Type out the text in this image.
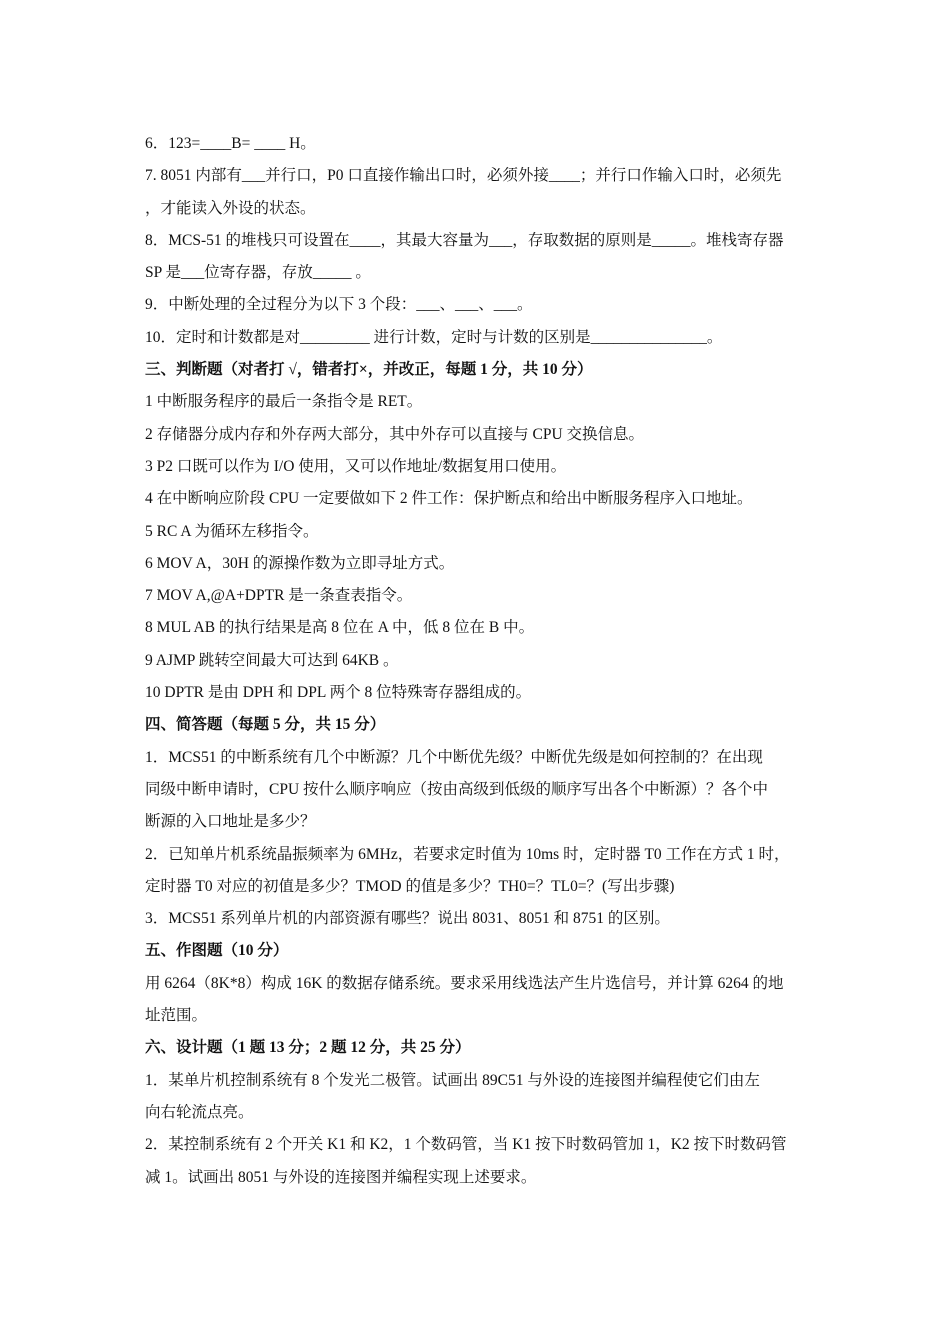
6．123=____B= ____ H。
7. 8051 内部有___并行口，P0 口直接作输出口时，必须外接____；并行口作输入口时，必须先
，才能读入外设的状态。
8．MCS-51 的堆栈只可设置在____，其最大容量为___，存取数据的原则是_____。堆栈寄存器
SP 是___位寄存器，存放_____ 。
9．中断处理的全过程分为以下 3 个段：___、___、___。
10．定时和计数都是对_________ 进行计数，定时与计数的区别是_______________。
三、判断题（对者打 √，错者打×，并改正，每题 1 分，共 10 分）
1 中断服务程序的最后一条指令是 RET。
2 存储器分成内存和外存两大部分，其中外存可以直接与 CPU 交换信息。
3 P2 口既可以作为 I/O 使用，又可以作地址/数据复用口使用。
4 在中断响应阶段 CPU 一定要做如下 2 件工作：保护断点和给出中断服务程序入口地址。
5 RC A 为循环左移指令。
6 MOV A，30H 的源操作数为立即寻址方式。
7 MOV A,@A+DPTR 是一条查表指令。
8 MUL AB 的执行结果是高 8 位在 A 中，低 8 位在 B 中。
9 AJMP 跳转空间最大可达到 64KB 。
10 DPTR 是由 DPH 和 DPL 两个 8 位特殊寄存器组成的。
四、简答题（每题 5 分，共 15 分）
1．MCS51 的中断系统有几个中断源？几个中断优先级？中断优先级是如何控制的？在出现
同级中断申请时，CPU 按什么顺序响应（按由高级到低级的顺序写出各个中断源）？各个中
断源的入口地址是多少？
2．已知单片机系统晶振频率为 6MHz，若要求定时值为 10ms 时，定时器 T0 工作在方式 1 时，
定时器 T0 对应的初值是多少？TMOD 的值是多少？TH0=？TL0=？(写出步骤)
3．MCS51 系列单片机的内部资源有哪些？说出 8031、8051 和 8751 的区别。
五、作图题（10 分）
用 6264（8K*8）构成 16K 的数据存储系统。要求采用线选法产生片选信号，并计算 6264 的地
址范围。
六、设计题（1 题 13 分；2 题 12 分，共 25 分）
1．某单片机控制系统有 8 个发光二极管。试画出 89C51 与外设的连接图并编程使它们由左
向右轮流点亮。
2．某控制系统有 2 个开关 K1 和 K2，1 个数码管，当 K1 按下时数码管加 1，K2 按下时数码管
减 1。试画出 8051 与外设的连接图并编程实现上述要求。
